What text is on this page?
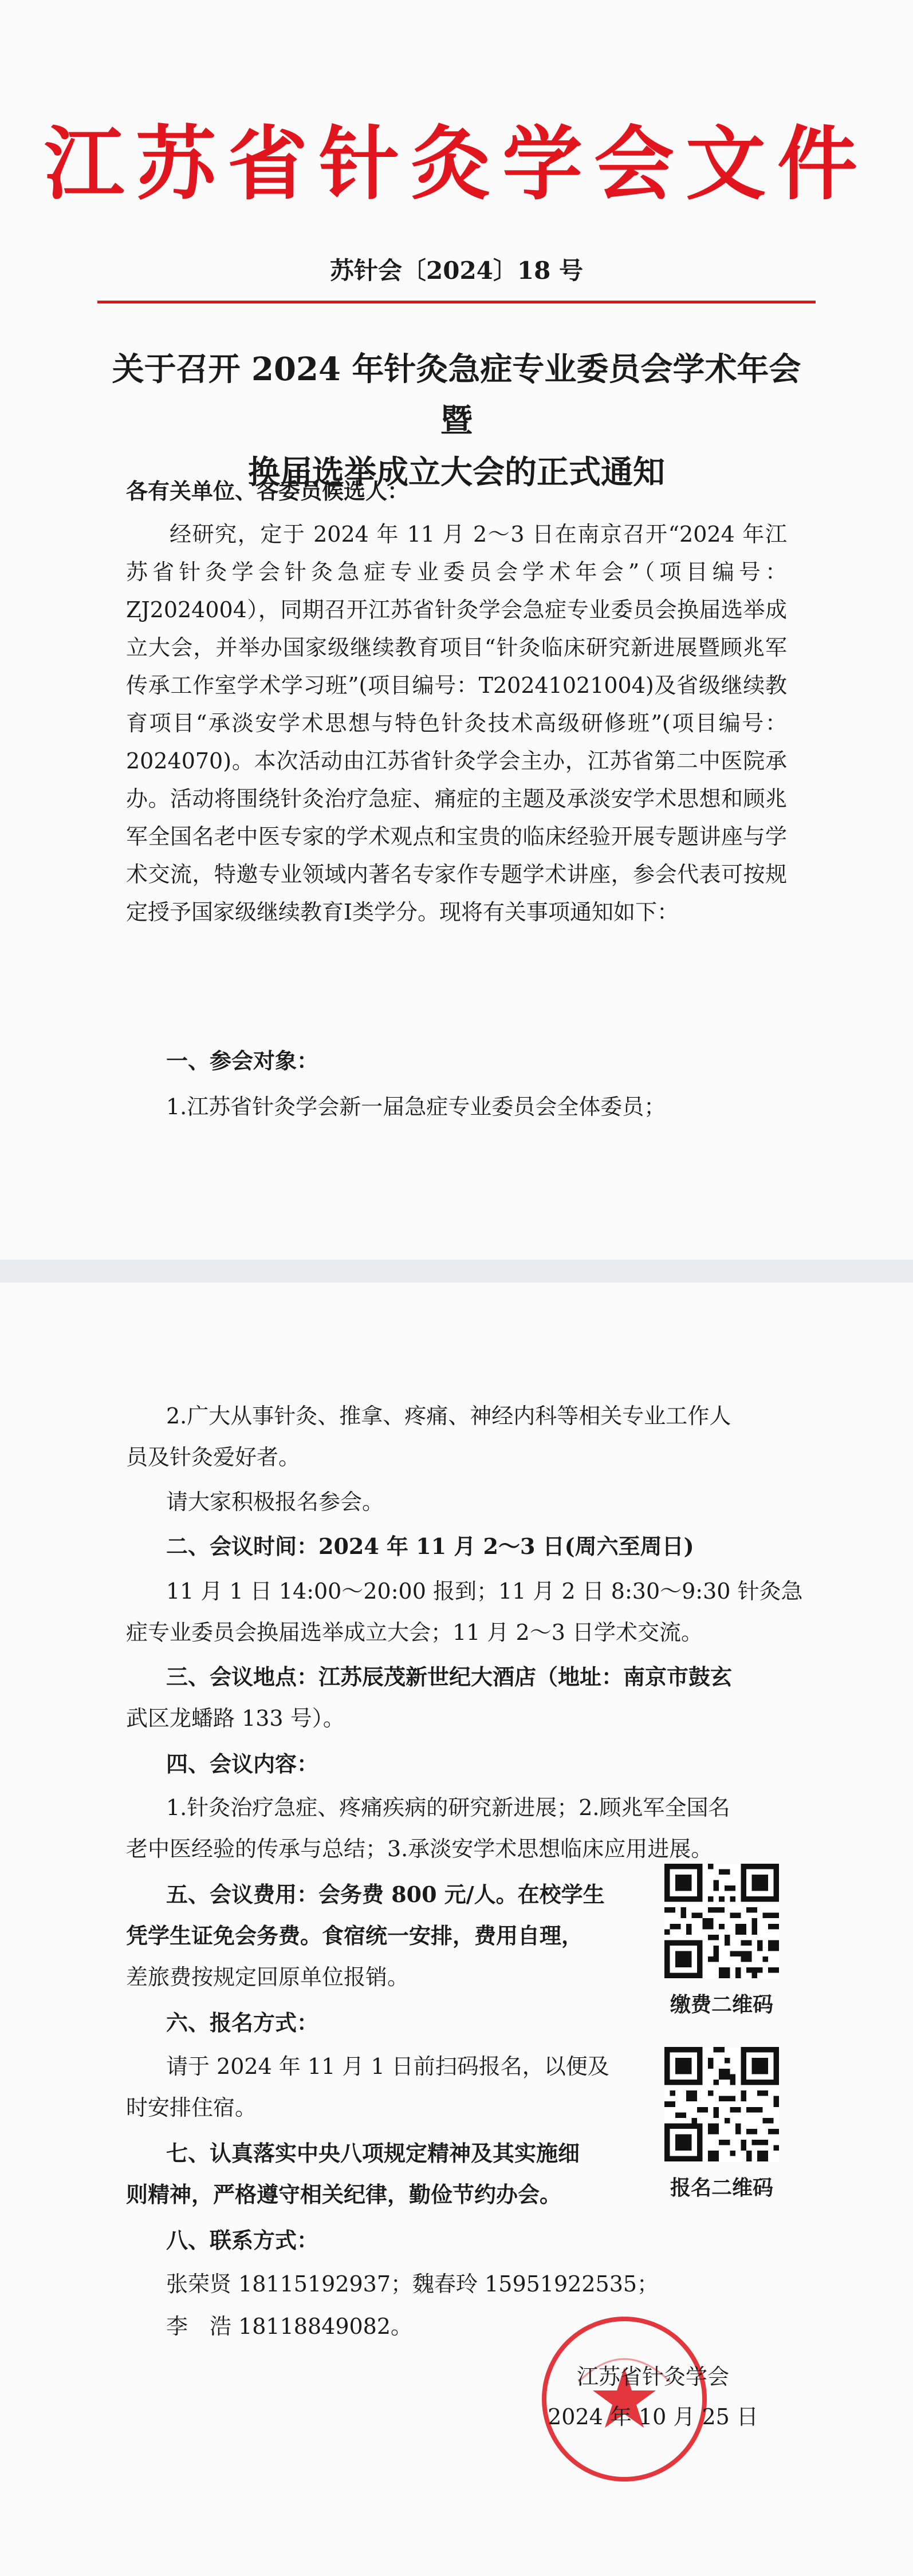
江苏省针灸学会文件
苏针会〔2024〕18 号
关于召开 2024 年针灸急症专业委员会学术年会暨
换届选举成立大会的正式通知
各有关单位、各委员候选人：
经研究，定于 2024 年 11 月 2～3 日在南京召开“2024 年江苏省针灸学会针灸急症专业委员会学术年会”（项目编号：ZJ2024004），同期召开江苏省针灸学会急症专业委员会换届选举成立大会，并举办国家级继续教育项目“针灸临床研究新进展暨顾兆军传承工作室学术学习班”(项目编号：T20241021004)及省级继续教育项目“承淡安学术思想与特色针灸技术高级研修班”(项目编号：2024070)。本次活动由江苏省针灸学会主办，江苏省第二中医院承办。活动将围绕针灸治疗急症、痛症的主题及承淡安学术思想和顾兆军全国名老中医专家的学术观点和宝贵的临床经验开展专题讲座与学术交流，特邀专业领域内著名专家作专题学术讲座，参会代表可按规定授予国家级继续教育Ⅰ类学分。现将有关事项通知如下：
一、参会对象：
1.江苏省针灸学会新一届急症专业委员会全体委员；
2.广大从事针灸、推拿、疼痛、神经内科等相关专业工作人
员及针灸爱好者。
请大家积极报名参会。
二、会议时间：2024 年 11 月 2～3 日(周六至周日)
11 月 1 日 14:00～20:00 报到；11 月 2 日 8:30～9:30 针灸急
症专业委员会换届选举成立大会；11 月 2～3 日学术交流。
三、会议地点：江苏辰茂新世纪大酒店（地址：南京市鼓玄
武区龙蟠路 133 号）。
四、会议内容：
1.针灸治疗急症、疼痛疾病的研究新进展；2.顾兆军全国名
老中医经验的传承与总结；3.承淡安学术思想临床应用进展。
五、会议费用：会务费 800 元/人。在校学生
凭学生证免会务费。食宿统一安排，费用自理，
差旅费按规定回原单位报销。
六、报名方式：
请于 2024 年 11 月 1 日前扫码报名，以便及
时安排住宿。
七、认真落实中央八项规定精神及其实施细
则精神，严格遵守相关纪律，勤俭节约办会。
八、联系方式：
张荣贤 18115192937；魏春玲 15951922535；
李　浩 18118849082。
缴费二维码
报名二维码
江苏省针灸学会
2024 年 10 月 25 日
